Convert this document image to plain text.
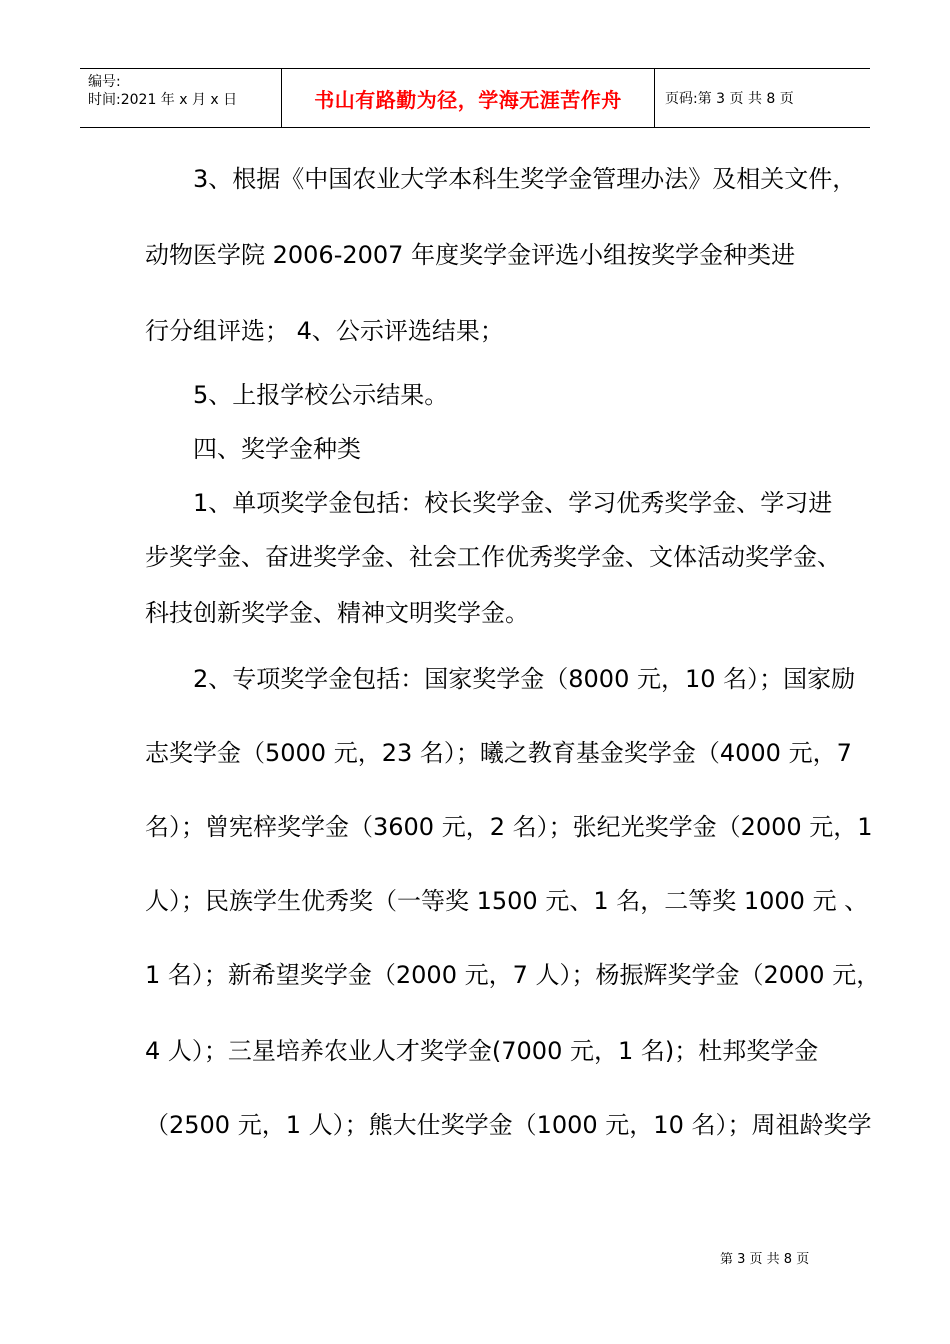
编号:
时间:2021 年 x 月 x 日	书山有路勤为径，学海无涯苦作舟	页码:第 3 页 共 8 页
3、根据《中国农业大学本科生奖学金管理办法》及相关文件，
动物医学院 2006-2007 年度奖学金评选小组按奖学金种类进
行分组评选； 4、公示评选结果；
5、上报学校公示结果。
四、奖学金种类
1、单项奖学金包括：校长奖学金、学习优秀奖学金、学习进
步奖学金、奋进奖学金、社会工作优秀奖学金、文体活动奖学金、
科技创新奖学金、精神文明奖学金。
2、专项奖学金包括：国家奖学金（8000 元，10 名）；国家励
志奖学金（5000 元，23 名）；曦之教育基金奖学金（4000 元，7
名）；曾宪梓奖学金（3600 元，2 名）；张纪光奖学金（2000 元，1
人）；民族学生优秀奖（一等奖 1500 元、1 名，二等奖 1000 元 、
1 名）；新希望奖学金（2000 元，7 人）；杨振辉奖学金（2000 元，
4 人）；三星培养农业人才奖学金(7000 元，1 名)；杜邦奖学金
（2500 元，1 人）；熊大仕奖学金（1000 元，10 名）；周祖龄奖学
第 3 页 共 8 页
